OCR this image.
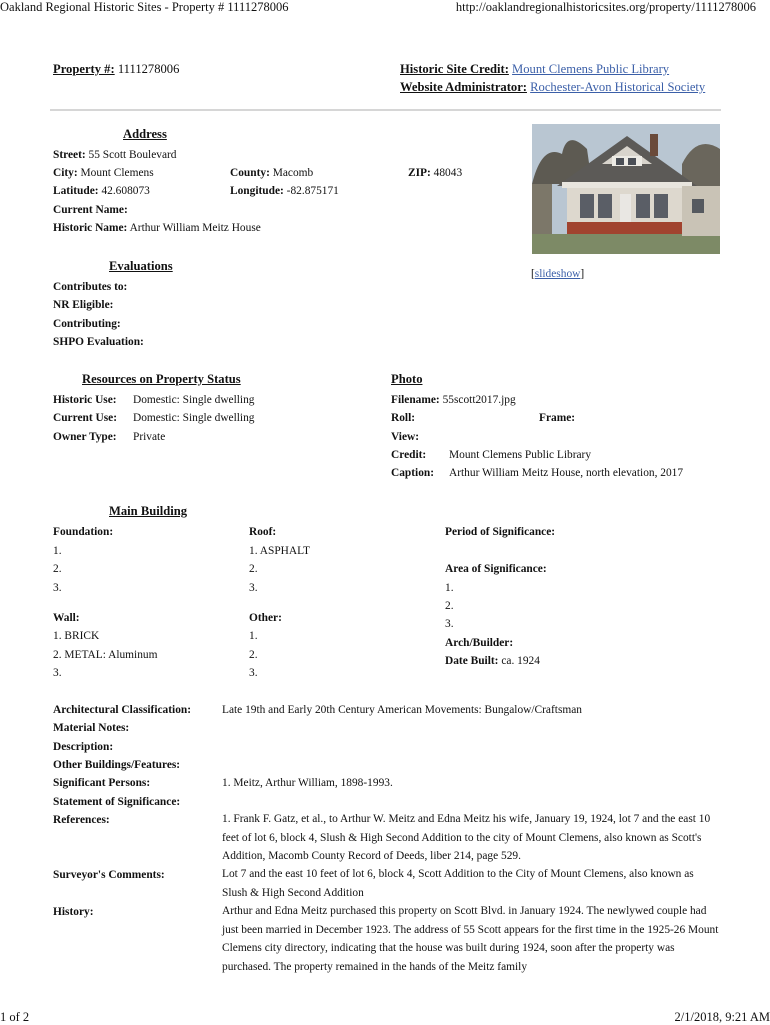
Oakland Regional Historic Sites - Property # 1111278006	http://oaklandregionalhistoricsites.org/property/1111278006
Property #: 1111278006	Historic Site Credit: Mount Clemens Public Library
Website Administrator: Rochester-Avon Historical Society
Address
Street: 55 Scott Boulevard
City: Mount Clemens	County: Macomb	ZIP: 48043
Latitude: 42.608073	Longitude: -82.875171
Current Name:
Historic Name: Arthur William Meitz House
[slideshow]
Evaluations
Contributes to:
NR Eligible:
Contributing:
SHPO Evaluation:
Resources on Property Status
Historic Use: Domestic: Single dwelling
Current Use: Domestic: Single dwelling
Owner Type: Private
Photo
Filename: 55scott2017.jpg
Roll:	Frame:
View:
Credit: Mount Clemens Public Library
Caption: Arthur William Meitz House, north elevation, 2017
Main Building
Foundation:
1.
2.
3.
Roof:
1. ASPHALT
2.
3.
Wall:
1. BRICK
2. METAL: Aluminum
3.
Other:
1.
2.
3.
Period of Significance:
Area of Significance:
1.
2.
3.
Arch/Builder:
Date Built: ca. 1924
Architectural Classification:	Late 19th and Early 20th Century American Movements: Bungalow/Craftsman
Material Notes:
Description:
Other Buildings/Features:
Significant Persons:	1. Meitz, Arthur William, 1898-1993.
Statement of Significance:
References:	1. Frank F. Gatz, et al., to Arthur W. Meitz and Edna Meitz his wife, January 19, 1924, lot 7 and the east 10 feet of lot 6, block 4, Slush & High Second Addition to the city of Mount Clemens, also known as Scott's Addition, Macomb County Record of Deeds, liber 214, page 529.
Surveyor's Comments:	Lot 7 and the east 10 feet of lot 6, block 4, Scott Addition to the City of Mount Clemens, also known as Slush & High Second Addition
History:	Arthur and Edna Meitz purchased this property on Scott Blvd. in January 1924. The newlywed couple had just been married in December 1923. The address of 55 Scott appears for the first time in the 1925-26 Mount Clemens city directory, indicating that the house was built during 1924, soon after the property was purchased. The property remained in the hands of the Meitz family
1 of 2	2/1/2018, 9:21 AM
